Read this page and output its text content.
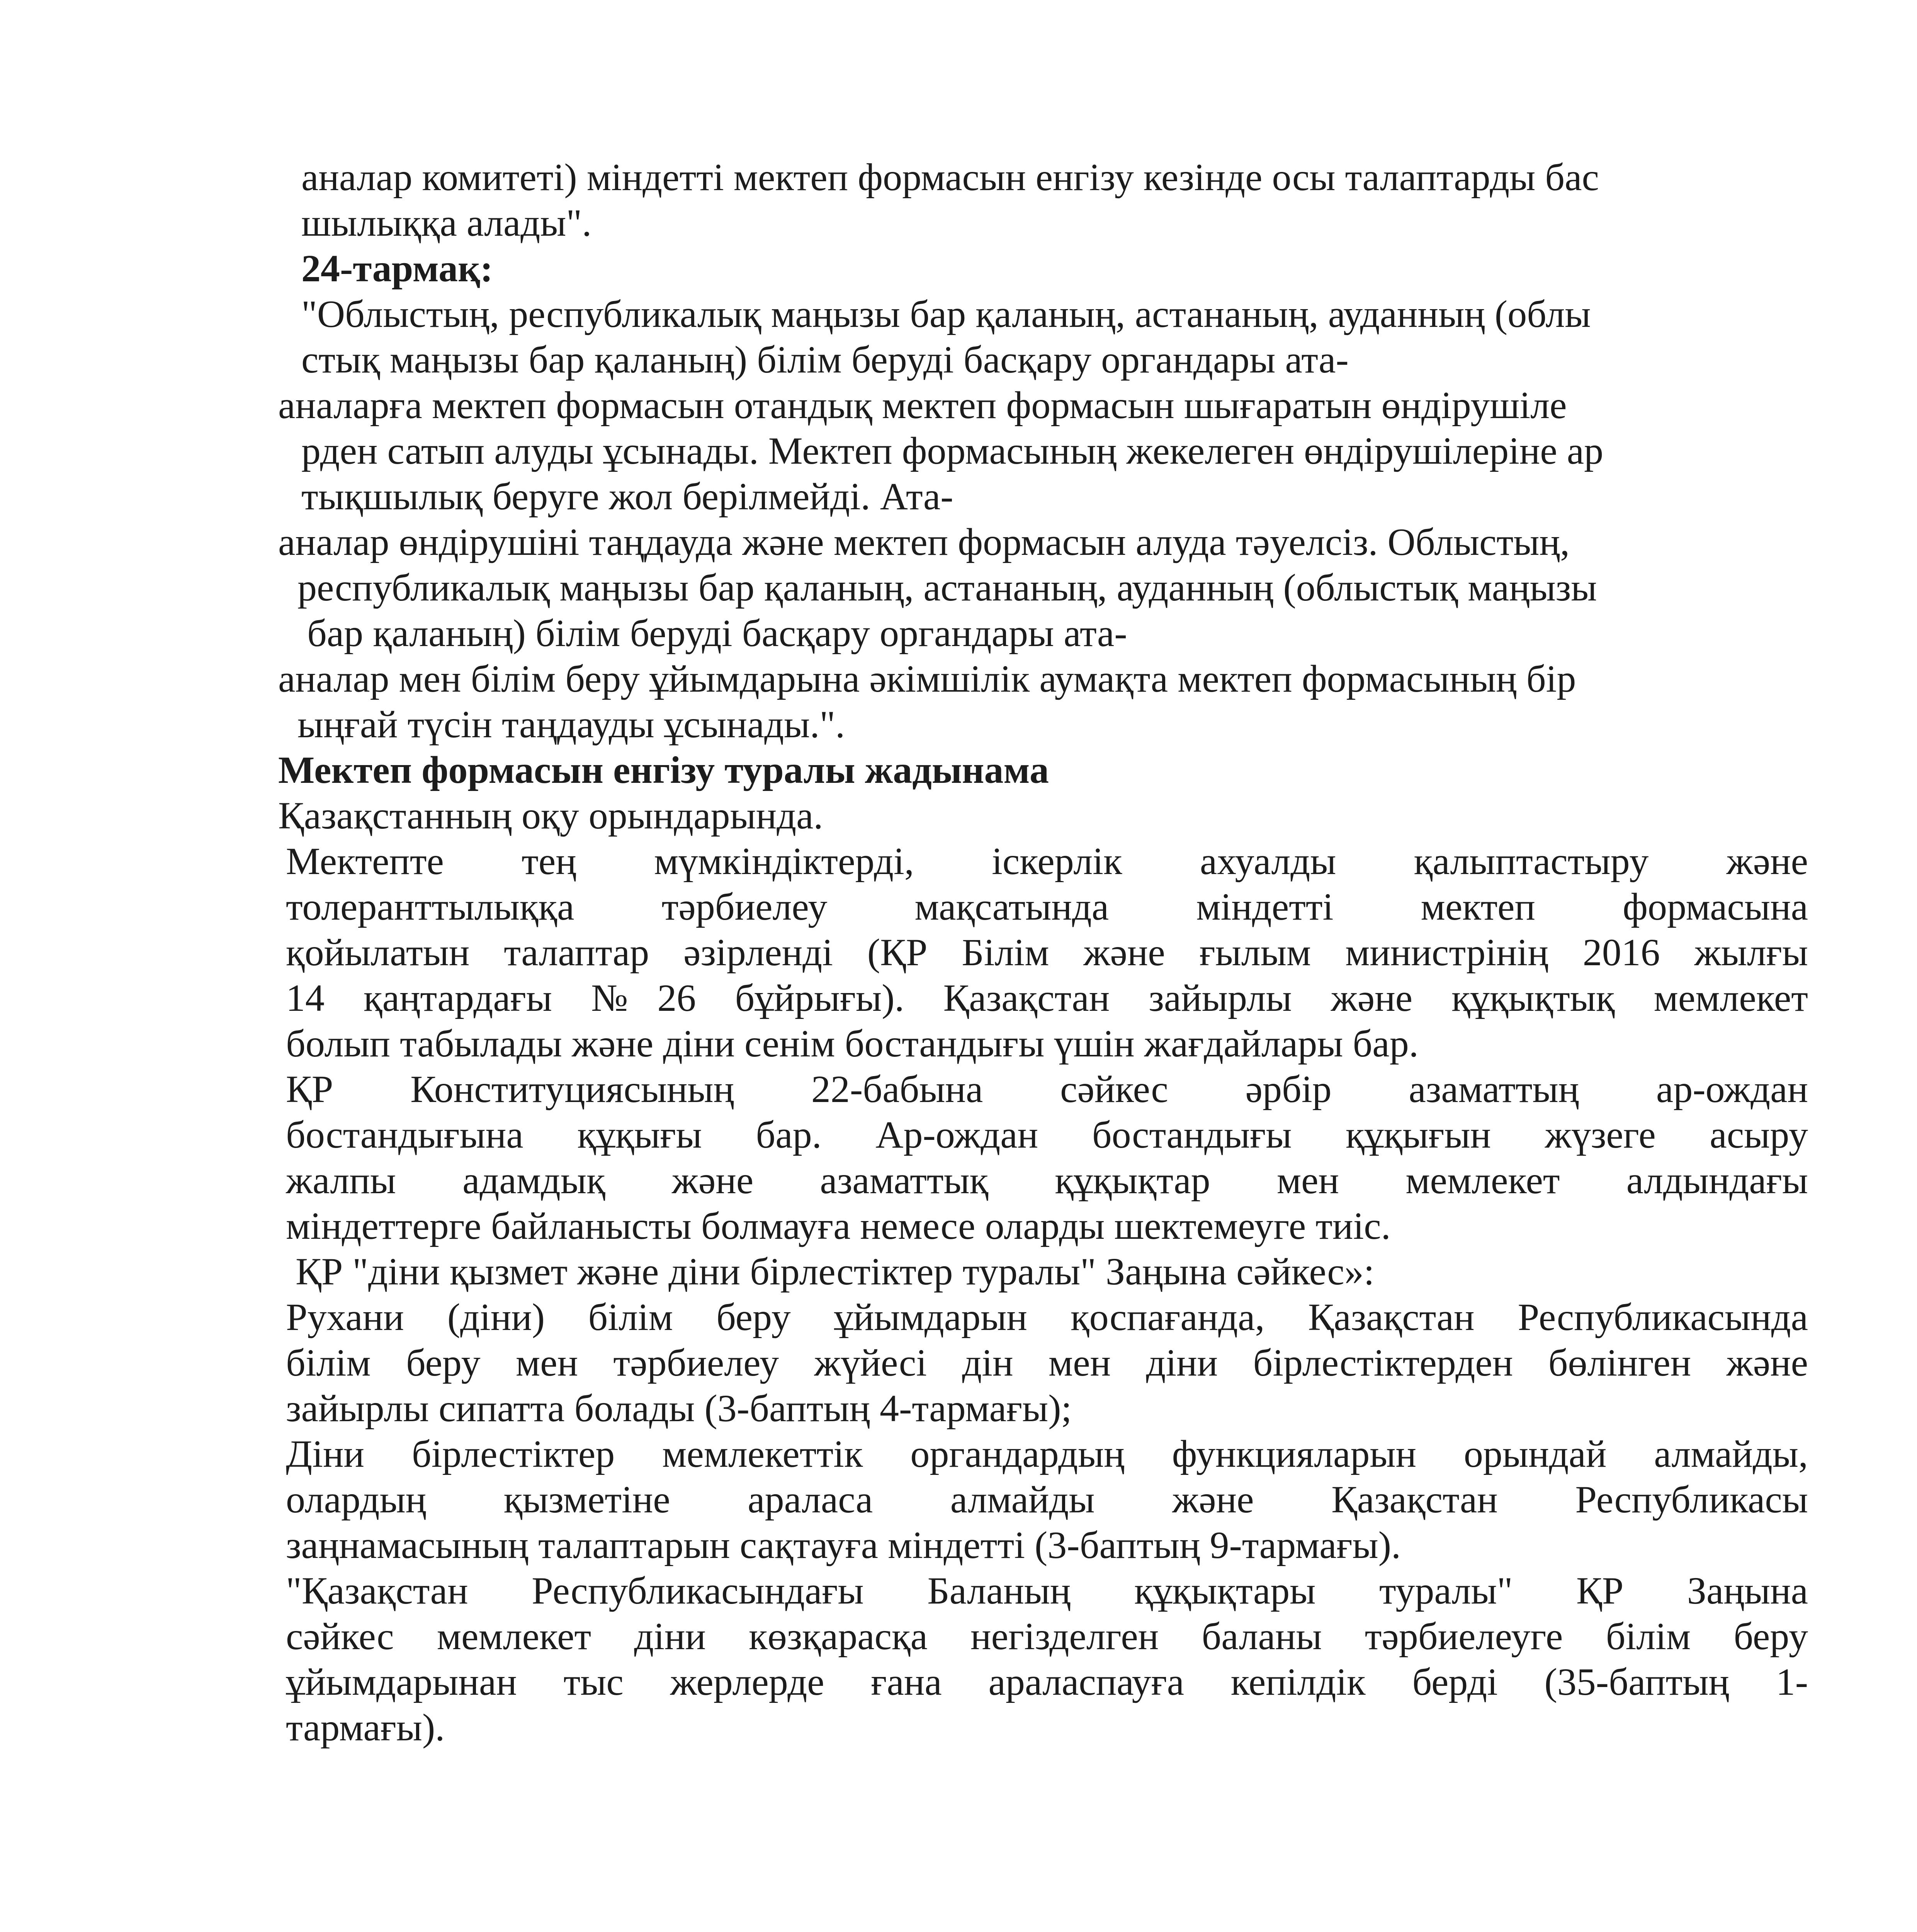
аналар комитеті) міндетті мектеп формасын енгізу кезінде осы талаптарды бас
шылыққа алады".
24-тармақ:
"Облыстың, республикалық маңызы бар қаланың, астананың, ауданның (облы
стық маңызы бар қаланың) білім беруді басқару органдары ата-
аналарға мектеп формасын отандық мектеп формасын шығаратын өндірушіле
рден сатып алуды ұсынады. Мектеп формасының жекелеген өндірушілеріне ар
тықшылық беруге жол берілмейді. Ата-
аналар өндірушіні таңдауда және мектеп формасын алуда тәуелсіз. Облыстың,
республикалық маңызы бар қаланың, астананың, ауданның (облыстық маңызы
бар қаланың) білім беруді басқару органдары ата-
аналар мен білім беру ұйымдарына әкімшілік аумақта мектеп формасының бір
ыңғай түсін таңдауды ұсынады.".
Мектеп формасын енгізу туралы жадынама
Қазақстанның оқу орындарында.
Мектепте тең мүмкіндіктерді, іскерлік ахуалды қалыптастыру және
толеранттылыққа тәрбиелеу мақсатында міндетті мектеп формасына
қойылатын талаптар әзірленді (ҚР Білім және ғылым министрінің 2016 жылғы
14 қаңтардағы №26 бұйрығы). Қазақстан зайырлы және құқықтық мемлекет
болып табылады және діни сенім бостандығы үшін жағдайлары бар.
ҚР Конституциясының 22-бабына сәйкес әрбір азаматтың ар-ождан
бостандығына құқығы бар. Ар-ождан бостандығы құқығын жүзеге асыру
жалпы адамдық және азаматтық құқықтар мен мемлекет алдындағы
міндеттерге байланысты болмауға немесе оларды шектемеуге тиіс.
ҚР "діни қызмет және діни бірлестіктер туралы" Заңына сәйкес»:
Рухани (діни) білім беру ұйымдарын қоспағанда, Қазақстан Республикасында
білім беру мен тәрбиелеу жүйесі дін мен діни бірлестіктерден бөлінген және
зайырлы сипатта болады (3-баптың 4-тармағы);
Діни бірлестіктер мемлекеттік органдардың функцияларын орындай алмайды,
олардың қызметіне араласа алмайды және Қазақстан Республикасы
заңнамасының талаптарын сақтауға міндетті (3-баптың 9-тармағы).
"Қазақстан Республикасындағы Баланың құқықтары туралы" ҚР Заңына
сәйкес мемлекет діни көзқарасқа негізделген баланы тәрбиелеуге білім беру
ұйымдарынан тыс жерлерде ғана араласпауға кепілдік берді (35-баптың 1-
тармағы).
